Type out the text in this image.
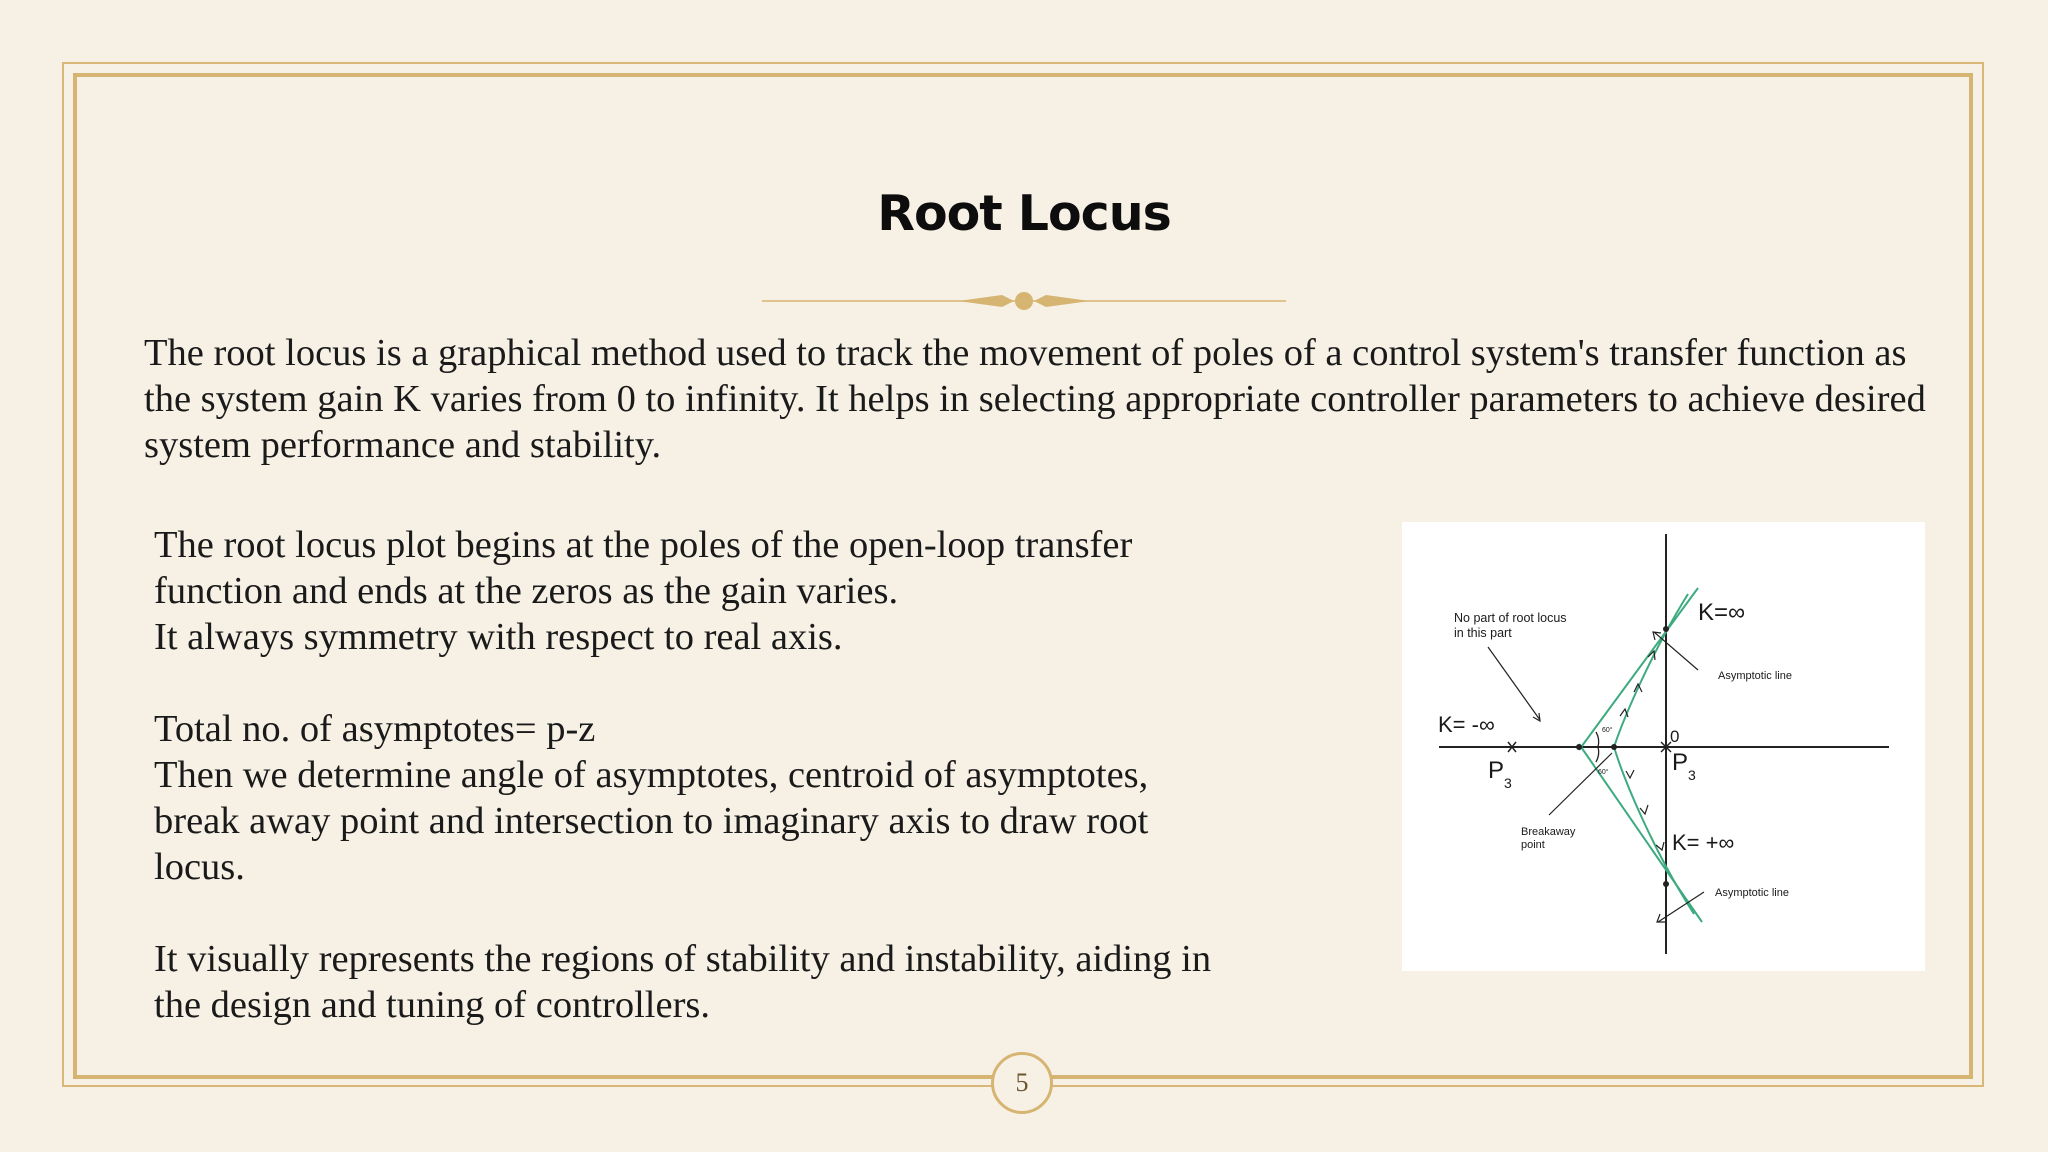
Root Locus

The root locus is a graphical method used to track the movement of poles of a control system's transfer function as the system gain K varies from 0 to infinity. It helps in selecting appropriate controller parameters to achieve desired system performance and stability.

The root locus plot begins at the poles of the open-loop transfer
function and ends at the zeros as the gain varies.
It always symmetry with respect to real axis.
Total no. of asymptotes= p-z
Then we determine angle of asymptotes, centroid of asymptotes,
break away point and intersection to imaginary axis to draw root
locus.
It visually represents the regions of stability and instability, aiding in
the design and tuning of controllers.
60°
60°
No part of root locus
in this part
K=∞
Asymptotic line
K= -∞	0
P 3
P 3
Breakaway
point	K= +∞
Asymptotic line
5
